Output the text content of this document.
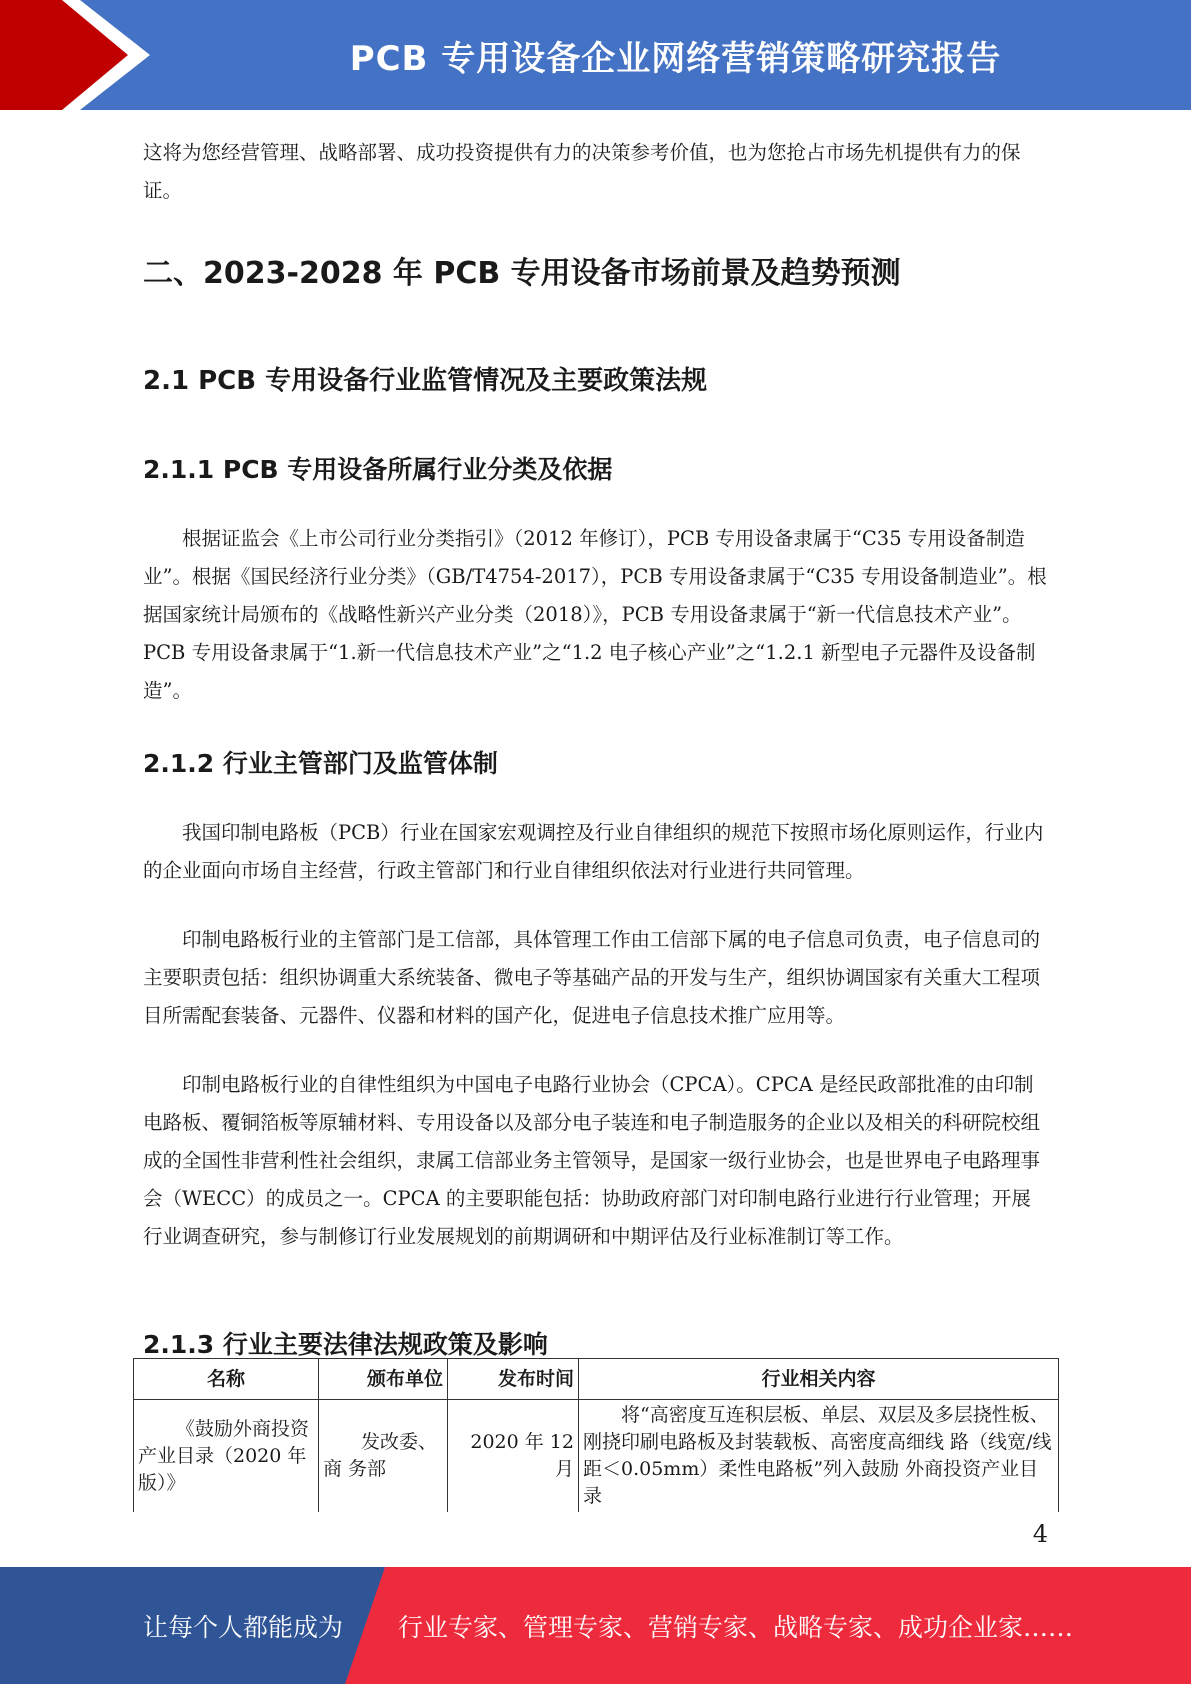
PCB 专用设备企业网络营销策略研究报告

这将为您经营管理、战略部署、成功投资提供有力的决策参考价值，也为您抢占市场先机提供有力的保证。

二、2023-2028 年 PCB 专用设备市场前景及趋势预测
2.1 PCB 专用设备行业监管情况及主要政策法规
2.1.1 PCB 专用设备所属行业分类及依据

根据证监会《上市公司行业分类指引》（2012 年修订），PCB 专用设备隶属于“C35 专用设备制造业”。根据《国民经济行业分类》（GB/T4754-2017），PCB 专用设备隶属于“C35 专用设备制造业”。根据国家统计局颁布的《战略性新兴产业分类（2018）》，PCB 专用设备隶属于“新一代信息技术产业”。PCB 专用设备隶属于“1.新一代信息技术产业”之“1.2 电子核心产业”之“1.2.1 新型电子元器件及设备制造”。

2.1.2 行业主管部门及监管体制

我国印制电路板（PCB）行业在国家宏观调控及行业自律组织的规范下按照市场化原则运作，行业内的企业面向市场自主经营，行政主管部门和行业自律组织依法对行业进行共同管理。

印制电路板行业的主管部门是工信部，具体管理工作由工信部下属的电子信息司负责，电子信息司的主要职责包括：组织协调重大系统装备、微电子等基础产品的开发与生产，组织协调国家有关重大工程项目所需配套装备、元器件、仪器和材料的国产化，促进电子信息技术推广应用等。

印制电路板行业的自律性组织为中国电子电路行业协会（CPCA）。CPCA 是经民政部批准的由印制电路板、覆铜箔板等原辅材料、专用设备以及部分电子装连和电子制造服务的企业以及相关的科研院校组成的全国性非营利性社会组织，隶属工信部业务主管领导，是国家一级行业协会，也是世界电子电路理事会（WECC）的成员之一。CPCA 的主要职能包括：协助政府部门对印制电路行业进行行业管理；开展行业调查研究，参与制修订行业发展规划的前期调研和中期评估及行业标准制订等工作。

2.1.3 行业主要法律法规政策及影响
名称	颁布单位	发布时间	行业相关内容
《鼓励外商投资产业目录（2020 年版）》	发改委、商 务部	2020 年 12 月	将“高密度互连积层板、单层、双层及多层挠性板、刚挠印刷电路板及封装载板、高密度高细线 路（线宽/线距＜0.05mm）柔性电路板”列入鼓励 外商投资产业目录
4
让每个人都能成为 行业专家、管理专家、营销专家、战略专家、成功企业家……
